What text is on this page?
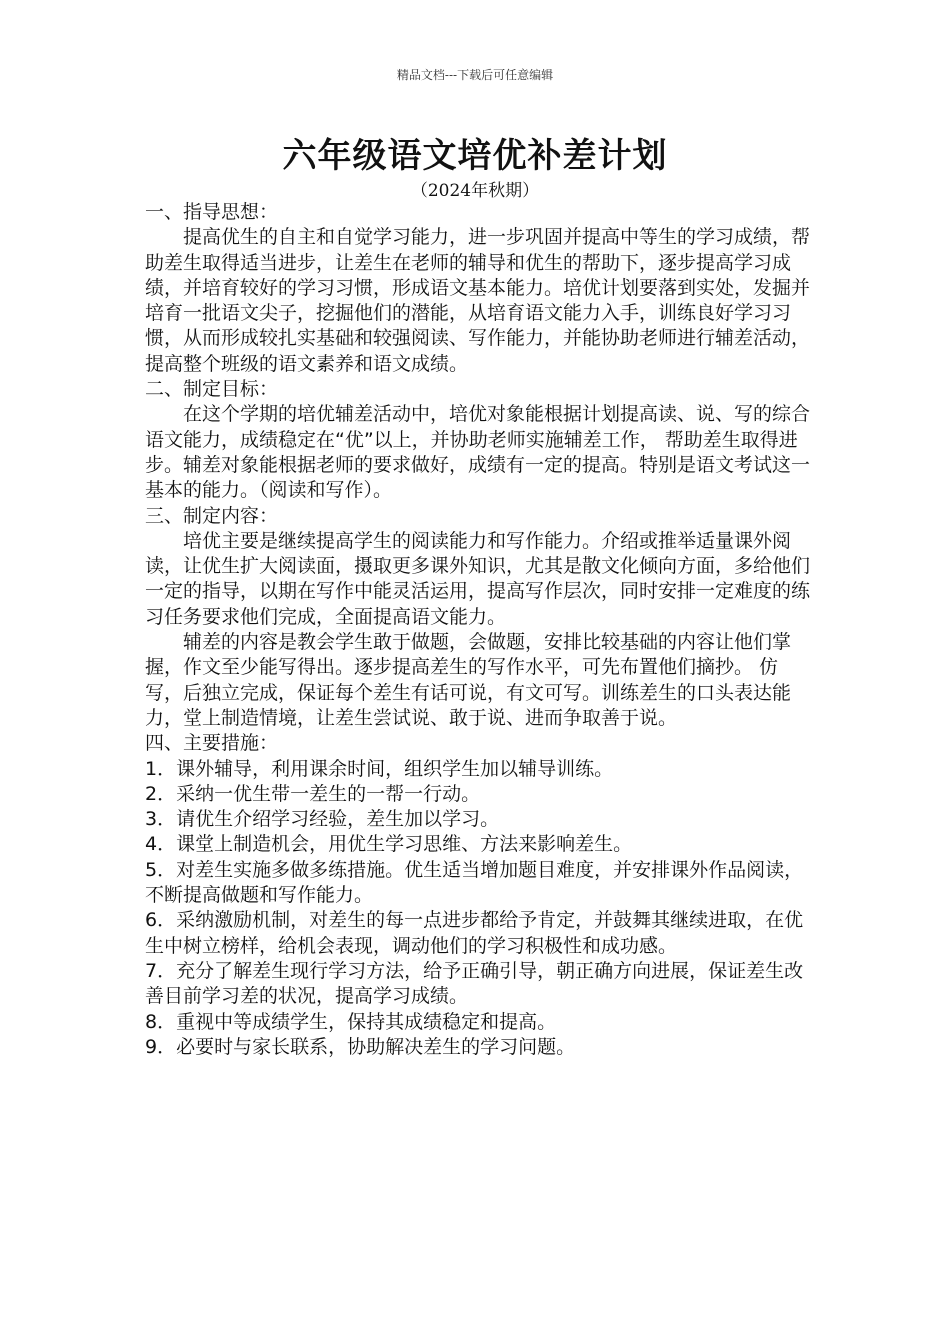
精品文档---下载后可任意编辑
六年级语文培优补差计划
（2024年秋期）

一、指导思想：

提高优生的自主和自觉学习能力，进一步巩固并提高中等生的学习成绩，帮助差生取得适当进步，让差生在老师的辅导和优生的帮助下，逐步提高学习成绩，并培育较好的学习习惯，形成语文基本能力。培优计划要落到实处，发掘并培育一批语文尖子，挖掘他们的潜能，从培育语文能力入手，训练良好学习习惯，从而形成较扎实基础和较强阅读、写作能力，并能协助老师进行辅差活动，提高整个班级的语文素养和语文成绩。

二、制定目标：

在这个学期的培优辅差活动中，培优对象能根据计划提高读、说、写的综合语文能力，成绩稳定在“优”以上，并协助老师实施辅差工作， 帮助差生取得进步。辅差对象能根据老师的要求做好，成绩有一定的提高。特别是语文考试这一基本的能力。（阅读和写作）。

三、制定内容：

培优主要是继续提高学生的阅读能力和写作能力。介绍或推举适量课外阅读，让优生扩大阅读面，摄取更多课外知识，尤其是散文化倾向方面，多给他们一定的指导，以期在写作中能灵活运用，提高写作层次，同时安排一定难度的练习任务要求他们完成，全面提高语文能力。

辅差的内容是教会学生敢于做题，会做题，安排比较基础的内容让他们掌握，作文至少能写得出。逐步提高差生的写作水平，可先布置他们摘抄。 仿写，后独立完成，保证每个差生有话可说，有文可写。训练差生的口头表达能力，堂上制造情境，让差生尝试说、敢于说、进而争取善于说。

四、主要措施：

1．课外辅导，利用课余时间，组织学生加以辅导训练。

2．采纳一优生带一差生的一帮一行动。

3．请优生介绍学习经验，差生加以学习。

4．课堂上制造机会，用优生学习思维、方法来影响差生。

5．对差生实施多做多练措施。优生适当增加题目难度，并安排课外作品阅读，不断提高做题和写作能力。

6．采纳激励机制，对差生的每一点进步都给予肯定，并鼓舞其继续进取，在优生中树立榜样，给机会表现，调动他们的学习积极性和成功感。

7．充分了解差生现行学习方法，给予正确引导，朝正确方向进展，保证差生改善目前学习差的状况，提高学习成绩。

8．重视中等成绩学生，保持其成绩稳定和提高。

9．必要时与家长联系，协助解决差生的学习问题。
